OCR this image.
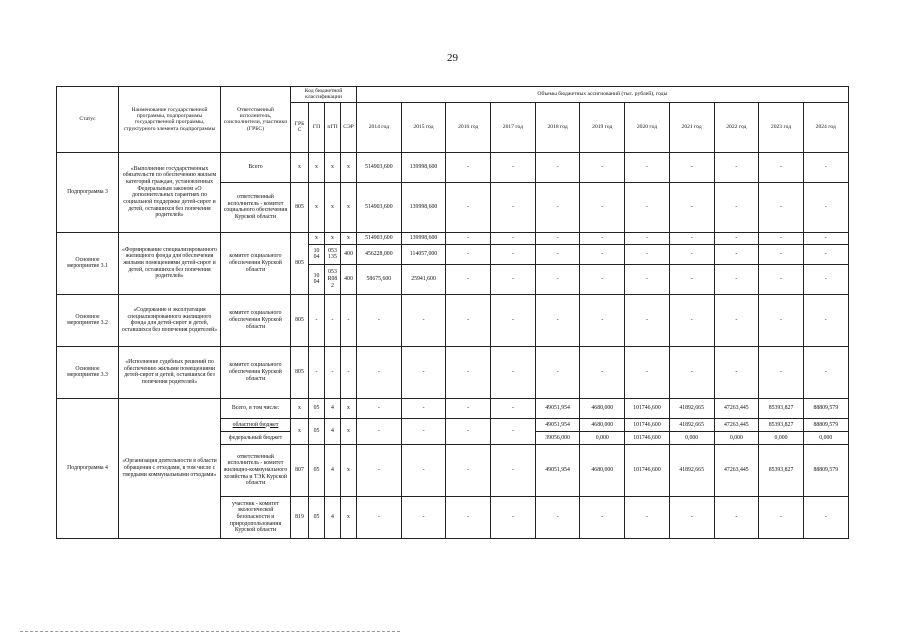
29
Статус	Наименование государственной программы, подпрограммы государственной программы, структурного элемента подпрограммы	Ответственный исполнитель, соисполнители, участники (ГРБС)	Код бюджетной классификации				Объемы бюджетных ассигнований (тыс. рублей), годы										
			ГРБС	ГП	пГП	СЭР	2014 год	2015 год	2016 год	2017 год	2018 год	2019 год	2020 год	2021 год	2022 год	2023 год	2024 год
Подпрограмма 3	«Выполнение государственных обязательств по обеспечению жильем категорий граждан, установленных Федеральным законом «О дополнительных гарантиях по социальной поддержке детей-сирот и детей, оставшихся без попечения родителей»	Всего	х	х	х	х	514903,600	139998,600	-	-	-	-	-	-	-	-	-
		ответственный исполнитель - комитет социального обеспечения Курской области	805	х	х	х	514903,600	139998,600	-	-	-	-	-	-	-	-	-
Основное мероприятие 3.1	«Формирование специализированного жилищного фонда для обеспечения жилыми помещениями детей-сирот и детей, оставшихся без попечения родителей»	комитет социального обеспечения Курской области	805	х	х	х	514903,600	139998,600	-	-	-	-	-	-	-	-	-
				10 04	053 135	400	456228,000	114057,000	-	-	-	-	-	-	-	-	-
				10 04	053 R08 2	400	58675,600	25941,600	-	-	-	-	-	-	-	-	-
Основное мероприятие 3.2	«Содержание и эксплуатация специализированного жилищного фонда для детей-сирот и детей, оставшихся без попечения родителей»	комитет социального обеспечения Курской области	805	-	-	-	-	-	-	-	-	-	-	-	-	-	-
Основное мероприятие 3.3	«Исполнение судебных решений по обеспечению жилыми помещениями детей-сирот и детей, оставшихся без попечения родителей»	комитет социального обеспечения Курской области	805	-	-	-	-	-	-	-	-	-	-	-	-	-	-
Подпрограмма 4	«Организация деятельности в области обращения с отходами, в том числе с твердыми коммунальными отходами»	Всего, в том числе:	х	05	4	х	-	-	-	-	49051,954	4680,000	101746,600	41892,665	47263,445	85393,827	88809,579
		областной бюджет	х	05	4	х	-	-	-	-	49051,954	4680,000	101746,600	41892,665	47263,445	85393,827	88809,579
		федеральный бюджет									39056,000	0,000	101746,600	0,000	0,000	0,000	0,000
		ответственный исполнитель - комитет жилищно-коммунального хозяйства и ТЭК Курской области	807	05	4	х	-	-	-	-	49051,954	4680,000	101746,600	41892,665	47263,445	85393,827	88809,579
		участник - комитет экологической безопасности и природопользования Курской области	819	05	4	х	-	-	-	-	-	-	-	-	-	-	-
